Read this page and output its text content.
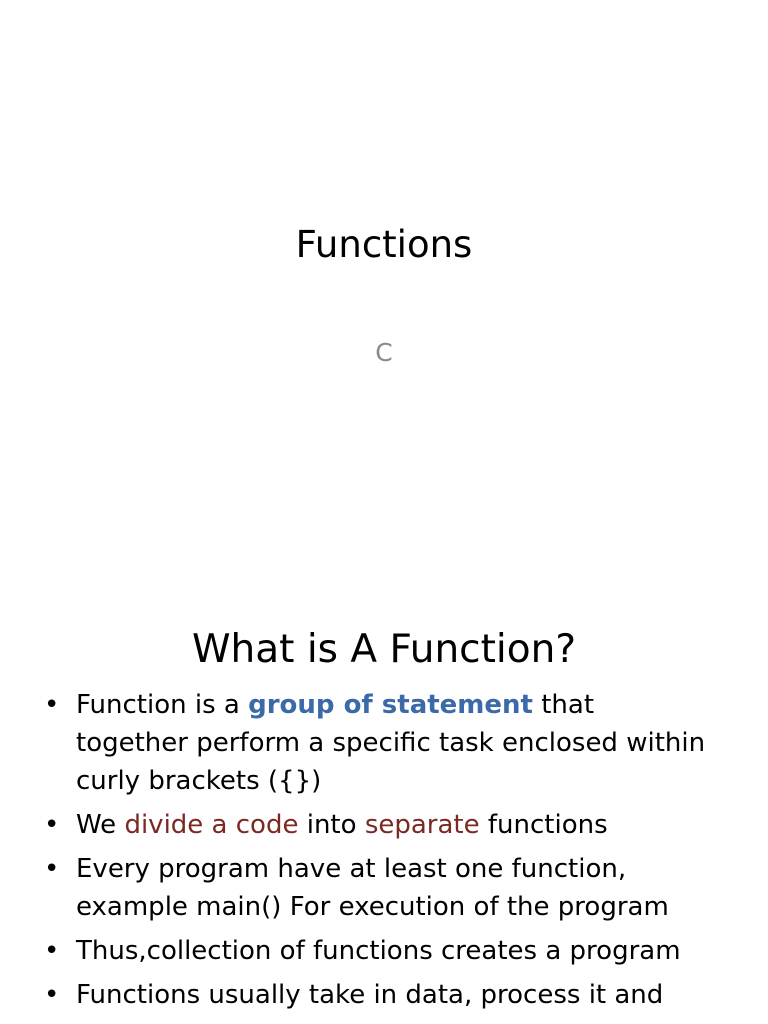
Functions

C

What is A Function?
• Function is a group of statement that together perform a specific task enclosed within curly brackets ({})
• We divide a code into separate functions
• Every program have at least one function, example main() For execution of the program
• Thus,collection of functions creates a program
• Functions usually take in data, process it and
